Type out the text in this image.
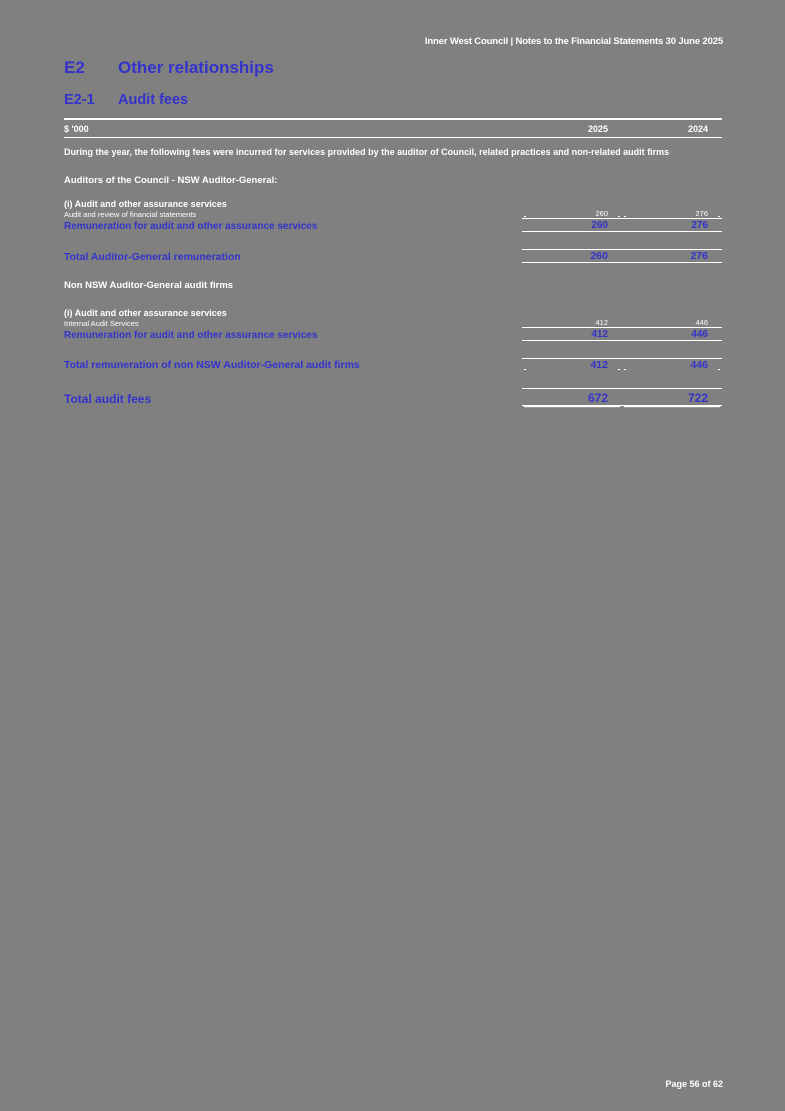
Inner West Council | Notes to the Financial Statements 30 June 2025
E2	Other relationships
E2-1	Audit fees

$ '000	2025	2024
During the year, the following fees were incurred for services provided by the auditor of Council, related practices and non-related audit firms		

Auditors of the Council - NSW Auditor-General:		

(i) Audit and other assurance services		
Audit and review of financial statements	260	276
Remuneration for audit and other assurance services	260	276

Total Auditor-General remuneration	260	276

Non NSW Auditor-General audit firms		

(i) Audit and other assurance services		
Internal Audit Services	412	446
Remuneration for audit and other assurance services	412	446

Total remuneration of non NSW Auditor-General audit firms	412	446

Total audit fees	672	722
Page 56 of 62
